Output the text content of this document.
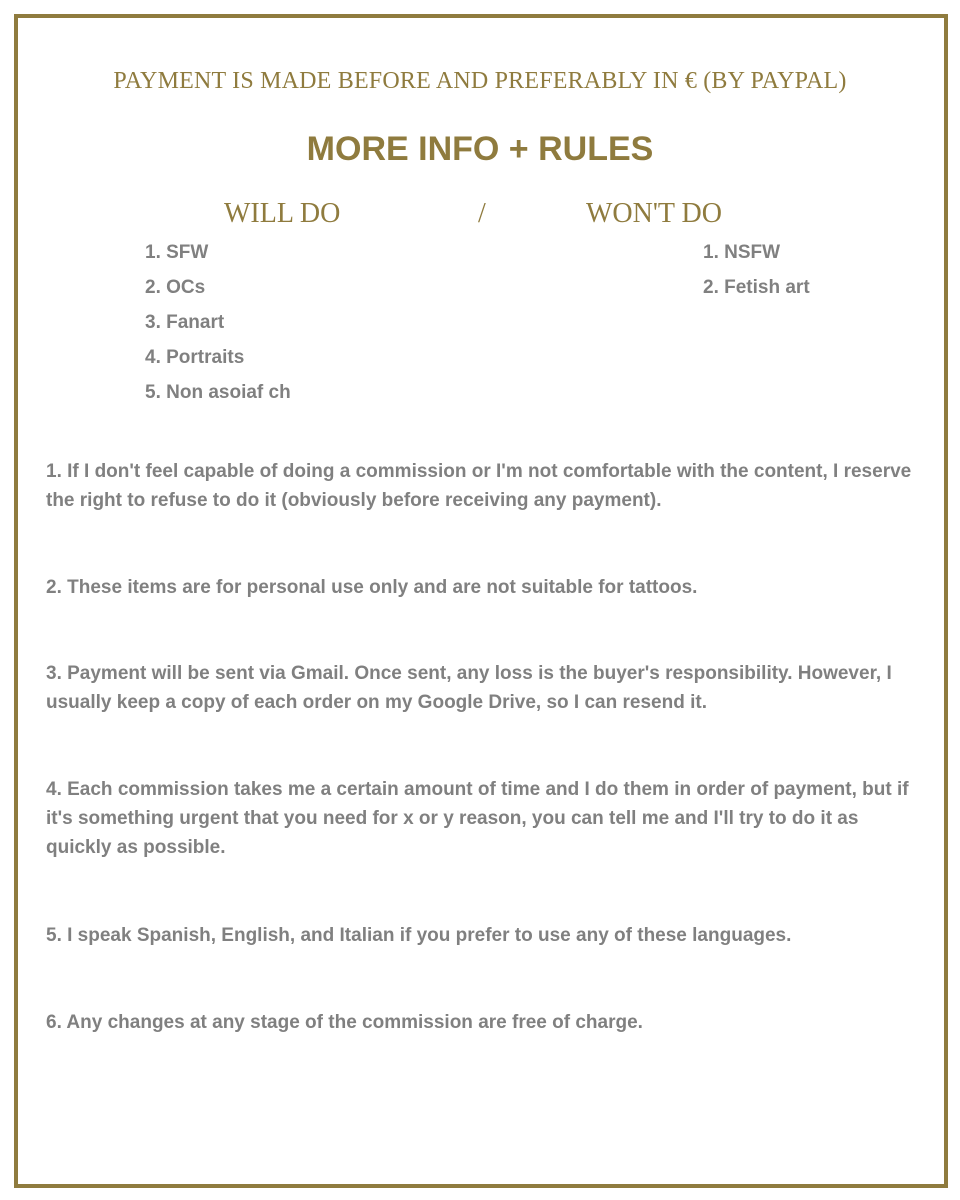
PAYMENT IS MADE BEFORE AND PREFERABLY IN € (BY PAYPAL)
MORE INFO + RULES
WILL DO	/	WON'T DO
1. SFW
2. OCs
3. Fanart
4. Portraits
5. Non asoiaf ch
1. NSFW
2. Fetish art

1. If I don't feel capable of doing a commission or I'm not comfortable with the content, I reserve the right to refuse to do it (obviously before receiving any payment).

2. These items are for personal use only and are not suitable for tattoos.

3. Payment will be sent via Gmail. Once sent, any loss is the buyer's responsibility. However, I usually keep a copy of each order on my Google Drive, so I can resend it.

4. Each commission takes me a certain amount of time and I do them in order of payment, but if it's something urgent that you need for x or y reason, you can tell me and I'll try to do it as quickly as possible.

5. I speak Spanish, English, and Italian if you prefer to use any of these languages.

6. Any changes at any stage of the commission are free of charge.
